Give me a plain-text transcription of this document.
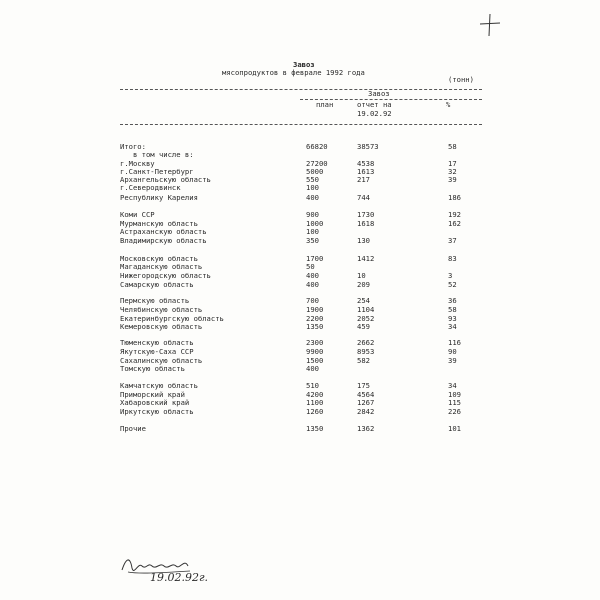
Завоз
мясопродуктов в феврале 1992 года
(тонн)
Завоз
план	отчет на	%
19.02.92
Итого:	66820	38573	58
в том числе в:
г.Москву	27200	4538	17
г.Санкт-Петербург	5000	1613	32
Архангельскую область	550	217	39
г.Северодвинск	100
Республику Карелия	400	744	186
Коми ССР	900	1730	192
Мурманскую область	1000	1618	162
Астраханскую область	100
Владимирскую область	350	130	37
Московскую область	1700	1412	83
Магаданскую область	50
Нижегородскую область	400	10	3
Самарскую область	400	209	52
Пермскую область	700	254	36
Челябинскую область	1900	1104	58
Екатеринбургскую область	2200	2052	93
Кемеровскую область	1350	459	34
Тюменскую область	2300	2662	116
Якутскую-Саха ССР	9900	8953	90
Сахалинскую область	1500	582	39
Томскую область	400
Камчатскую область	510	175	34
Приморский край	4200	4564	109
Хабаровский край	1100	1267	115
Иркутскую область	1260	2842	226
Прочие	1350	1362	101
19.02.92г.
